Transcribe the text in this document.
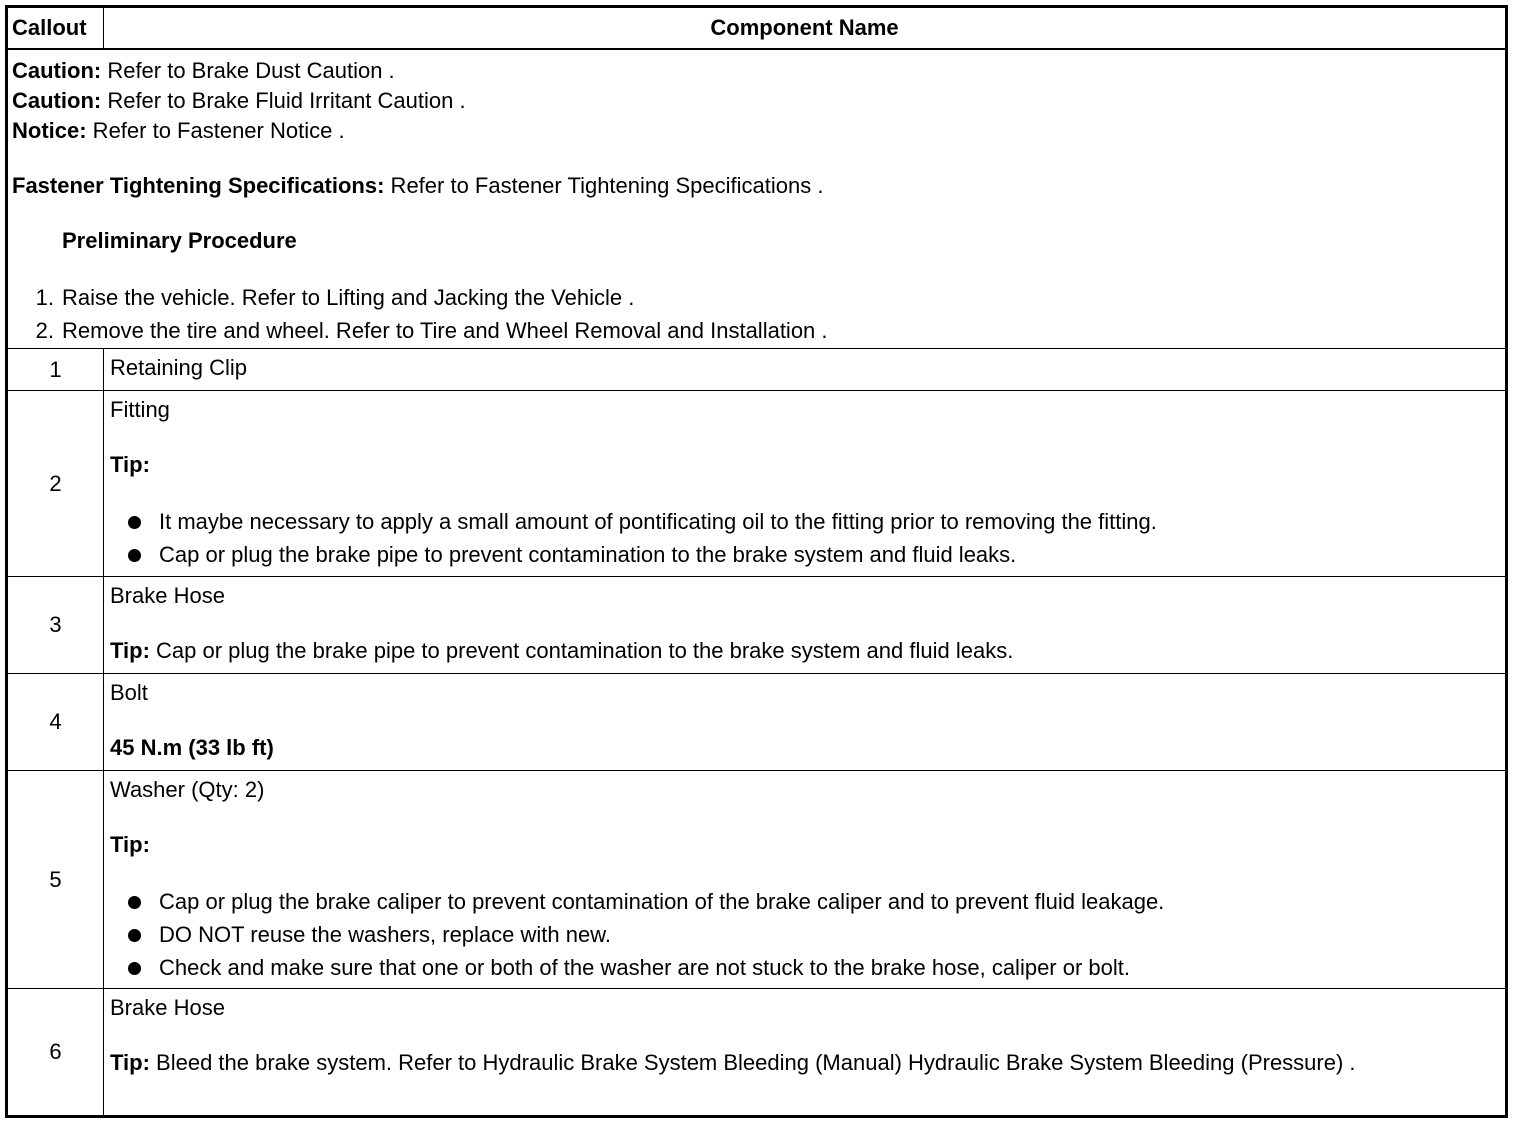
Callout	Component Name
Caution: Refer to Brake Dust Caution .
Caution: Refer to Brake Fluid Irritant Caution .
Notice: Refer to Fastener Notice .
Fastener Tightening Specifications: Refer to Fastener Tightening Specifications .
Preliminary Procedure
1. Raise the vehicle. Refer to Lifting and Jacking the Vehicle .
2. Remove the tire and wheel. Refer to Tire and Wheel Removal and Installation .
1	Retaining Clip
2
Fitting
Tip:
It maybe necessary to apply a small amount of pontificating oil to the fitting prior to removing the fitting.
Cap or plug the brake pipe to prevent contamination to the brake system and fluid leaks.
3
Brake Hose
Tip: Cap or plug the brake pipe to prevent contamination to the brake system and fluid leaks.
4
Bolt
45 N.m (33 lb ft)
5
Washer (Qty: 2)
Tip:
Cap or plug the brake caliper to prevent contamination of the brake caliper and to prevent fluid leakage.
DO NOT reuse the washers, replace with new.
Check and make sure that one or both of the washer are not stuck to the brake hose, caliper or bolt.
6
Brake Hose
Tip: Bleed the brake system. Refer to Hydraulic Brake System Bleeding (Manual) Hydraulic Brake System Bleeding (Pressure) .
